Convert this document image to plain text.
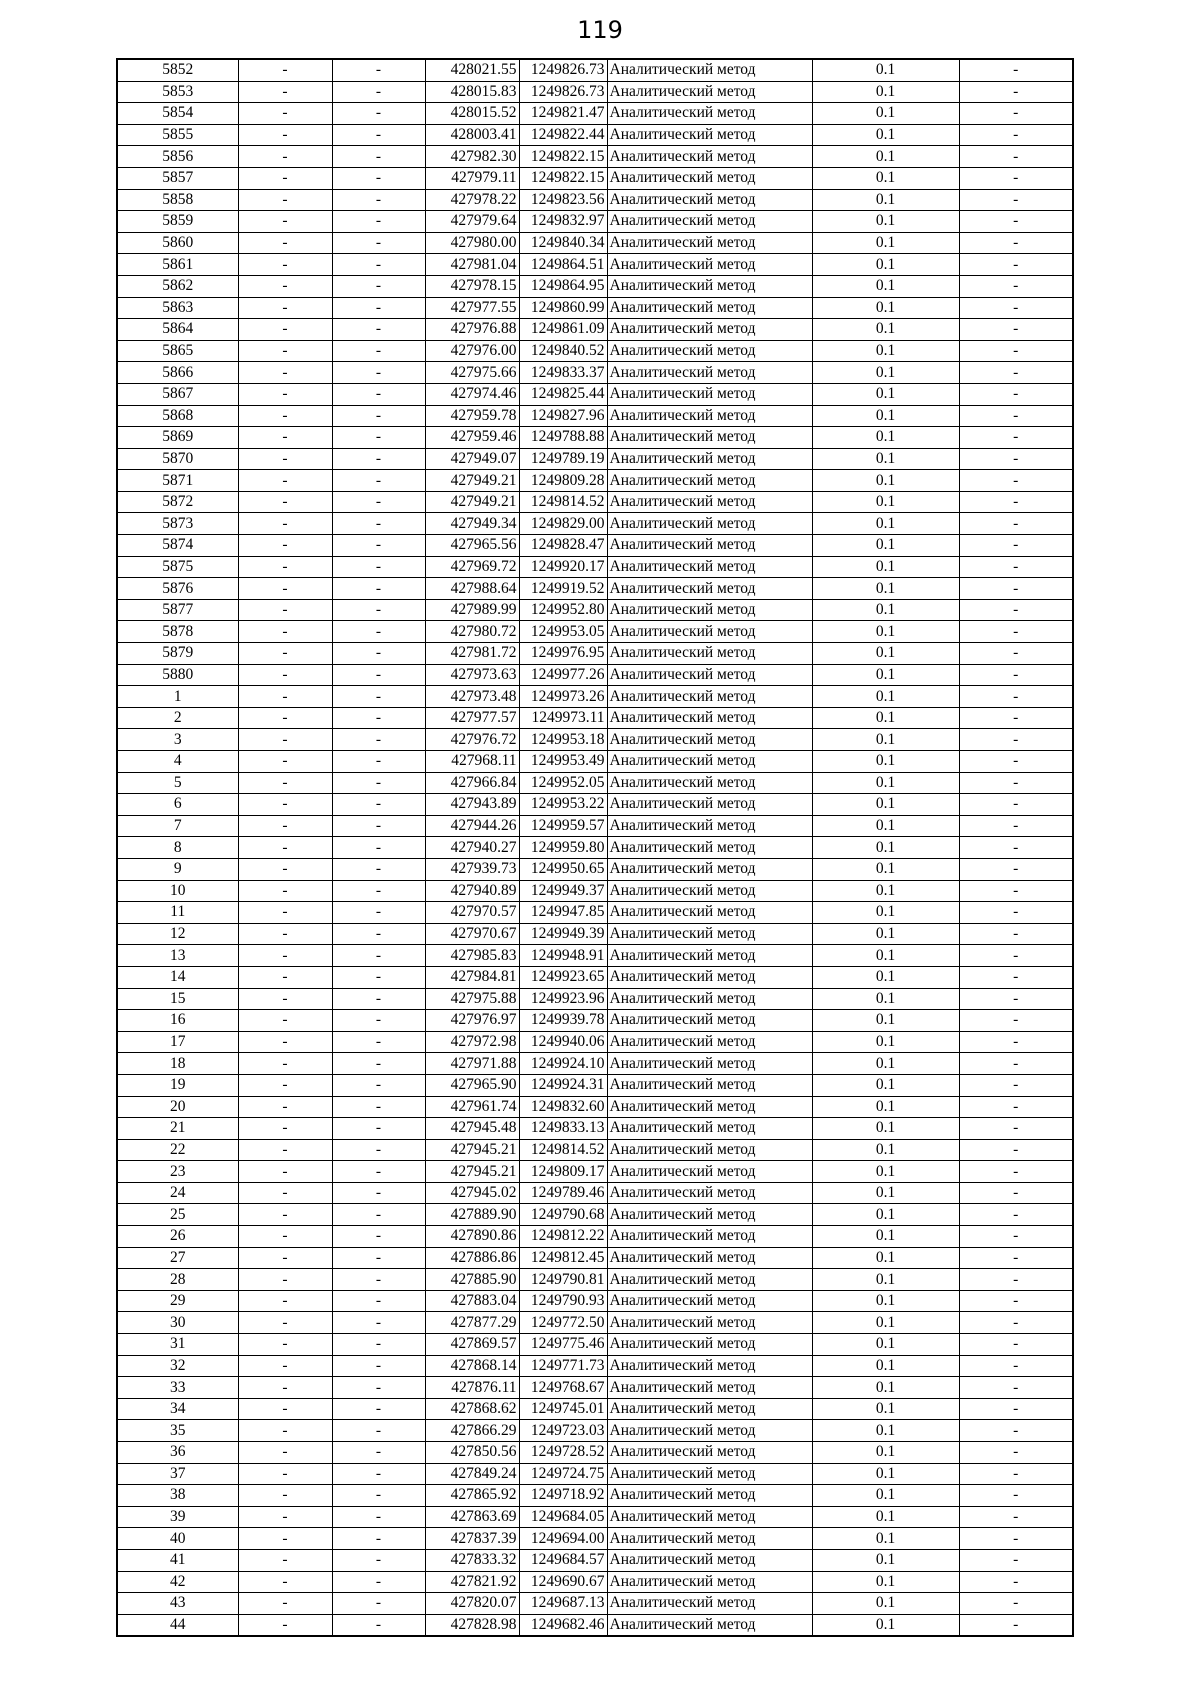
119
5852	-	-	428021.55	1249826.73	Аналитический метод	0.1	-
5853	-	-	428015.83	1249826.73	Аналитический метод	0.1	-
5854	-	-	428015.52	1249821.47	Аналитический метод	0.1	-
5855	-	-	428003.41	1249822.44	Аналитический метод	0.1	-
5856	-	-	427982.30	1249822.15	Аналитический метод	0.1	-
5857	-	-	427979.11	1249822.15	Аналитический метод	0.1	-
5858	-	-	427978.22	1249823.56	Аналитический метод	0.1	-
5859	-	-	427979.64	1249832.97	Аналитический метод	0.1	-
5860	-	-	427980.00	1249840.34	Аналитический метод	0.1	-
5861	-	-	427981.04	1249864.51	Аналитический метод	0.1	-
5862	-	-	427978.15	1249864.95	Аналитический метод	0.1	-
5863	-	-	427977.55	1249860.99	Аналитический метод	0.1	-
5864	-	-	427976.88	1249861.09	Аналитический метод	0.1	-
5865	-	-	427976.00	1249840.52	Аналитический метод	0.1	-
5866	-	-	427975.66	1249833.37	Аналитический метод	0.1	-
5867	-	-	427974.46	1249825.44	Аналитический метод	0.1	-
5868	-	-	427959.78	1249827.96	Аналитический метод	0.1	-
5869	-	-	427959.46	1249788.88	Аналитический метод	0.1	-
5870	-	-	427949.07	1249789.19	Аналитический метод	0.1	-
5871	-	-	427949.21	1249809.28	Аналитический метод	0.1	-
5872	-	-	427949.21	1249814.52	Аналитический метод	0.1	-
5873	-	-	427949.34	1249829.00	Аналитический метод	0.1	-
5874	-	-	427965.56	1249828.47	Аналитический метод	0.1	-
5875	-	-	427969.72	1249920.17	Аналитический метод	0.1	-
5876	-	-	427988.64	1249919.52	Аналитический метод	0.1	-
5877	-	-	427989.99	1249952.80	Аналитический метод	0.1	-
5878	-	-	427980.72	1249953.05	Аналитический метод	0.1	-
5879	-	-	427981.72	1249976.95	Аналитический метод	0.1	-
5880	-	-	427973.63	1249977.26	Аналитический метод	0.1	-
1	-	-	427973.48	1249973.26	Аналитический метод	0.1	-
2	-	-	427977.57	1249973.11	Аналитический метод	0.1	-
3	-	-	427976.72	1249953.18	Аналитический метод	0.1	-
4	-	-	427968.11	1249953.49	Аналитический метод	0.1	-
5	-	-	427966.84	1249952.05	Аналитический метод	0.1	-
6	-	-	427943.89	1249953.22	Аналитический метод	0.1	-
7	-	-	427944.26	1249959.57	Аналитический метод	0.1	-
8	-	-	427940.27	1249959.80	Аналитический метод	0.1	-
9	-	-	427939.73	1249950.65	Аналитический метод	0.1	-
10	-	-	427940.89	1249949.37	Аналитический метод	0.1	-
11	-	-	427970.57	1249947.85	Аналитический метод	0.1	-
12	-	-	427970.67	1249949.39	Аналитический метод	0.1	-
13	-	-	427985.83	1249948.91	Аналитический метод	0.1	-
14	-	-	427984.81	1249923.65	Аналитический метод	0.1	-
15	-	-	427975.88	1249923.96	Аналитический метод	0.1	-
16	-	-	427976.97	1249939.78	Аналитический метод	0.1	-
17	-	-	427972.98	1249940.06	Аналитический метод	0.1	-
18	-	-	427971.88	1249924.10	Аналитический метод	0.1	-
19	-	-	427965.90	1249924.31	Аналитический метод	0.1	-
20	-	-	427961.74	1249832.60	Аналитический метод	0.1	-
21	-	-	427945.48	1249833.13	Аналитический метод	0.1	-
22	-	-	427945.21	1249814.52	Аналитический метод	0.1	-
23	-	-	427945.21	1249809.17	Аналитический метод	0.1	-
24	-	-	427945.02	1249789.46	Аналитический метод	0.1	-
25	-	-	427889.90	1249790.68	Аналитический метод	0.1	-
26	-	-	427890.86	1249812.22	Аналитический метод	0.1	-
27	-	-	427886.86	1249812.45	Аналитический метод	0.1	-
28	-	-	427885.90	1249790.81	Аналитический метод	0.1	-
29	-	-	427883.04	1249790.93	Аналитический метод	0.1	-
30	-	-	427877.29	1249772.50	Аналитический метод	0.1	-
31	-	-	427869.57	1249775.46	Аналитический метод	0.1	-
32	-	-	427868.14	1249771.73	Аналитический метод	0.1	-
33	-	-	427876.11	1249768.67	Аналитический метод	0.1	-
34	-	-	427868.62	1249745.01	Аналитический метод	0.1	-
35	-	-	427866.29	1249723.03	Аналитический метод	0.1	-
36	-	-	427850.56	1249728.52	Аналитический метод	0.1	-
37	-	-	427849.24	1249724.75	Аналитический метод	0.1	-
38	-	-	427865.92	1249718.92	Аналитический метод	0.1	-
39	-	-	427863.69	1249684.05	Аналитический метод	0.1	-
40	-	-	427837.39	1249694.00	Аналитический метод	0.1	-
41	-	-	427833.32	1249684.57	Аналитический метод	0.1	-
42	-	-	427821.92	1249690.67	Аналитический метод	0.1	-
43	-	-	427820.07	1249687.13	Аналитический метод	0.1	-
44	-	-	427828.98	1249682.46	Аналитический метод	0.1	-
